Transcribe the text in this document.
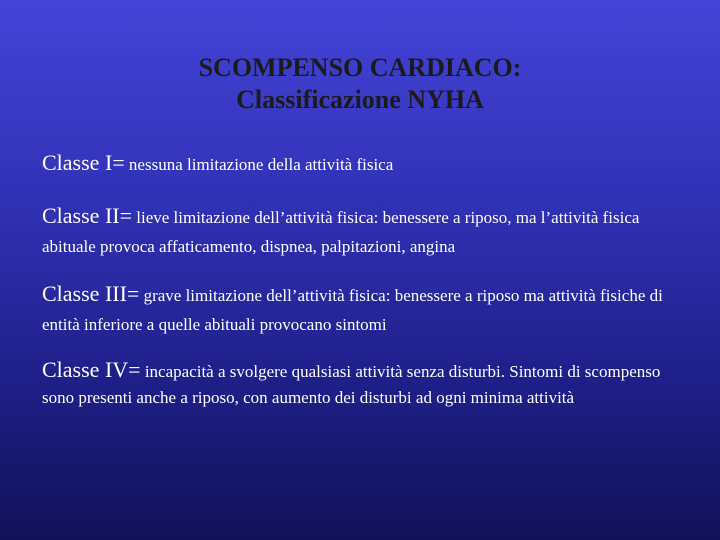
SCOMPENSO CARDIACO:
Classificazione NYHA
Classe I= nessuna limitazione della attività fisica
Classe II= lieve limitazione dell’attività fisica: benessere a riposo, ma l’attività fisica abituale provoca affaticamento, dispnea, palpitazioni, angina
Classe III= grave limitazione dell’attività fisica: benessere a riposo ma attività fisiche di entità inferiore a quelle abituali provocano sintomi
Classe IV= incapacità a svolgere qualsiasi attività senza disturbi. Sintomi di scompenso sono presenti anche a riposo, con aumento dei disturbi ad ogni minima attività
